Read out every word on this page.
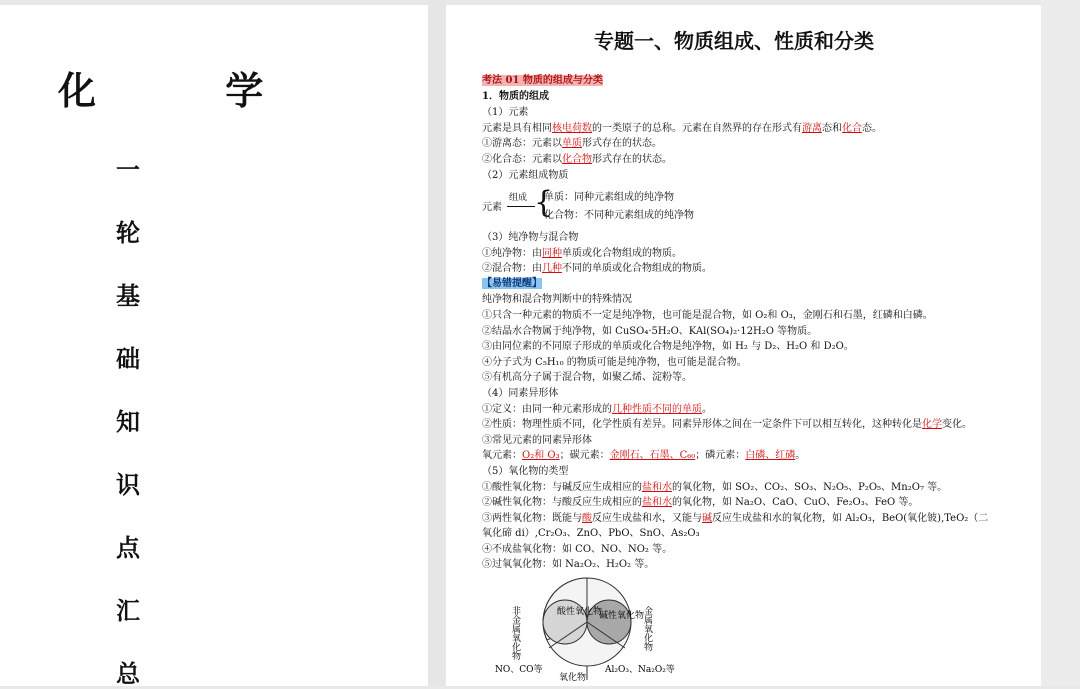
化 学
一
轮
基
础
知
识
点
汇
总
专题一、物质组成、性质和分类
考法 01 物质的组成与分类
1．物质的组成
（1）元素
元素是具有相同核电荷数的一类原子的总称。元素在自然界的存在形式有游离态和化合态。
①游离态：元素以单质形式存在的状态。
②化合态：元素以化合物形式存在的状态。
（2）元素组成物质
元素
组成 {
单质：同种元素组成的纯净物
化合物：不同种元素组成的纯净物
（3）纯净物与混合物
①纯净物：由同种单质或化合物组成的物质。
②混合物：由几种不同的单质或化合物组成的物质。
【易错提醒】
纯净物和混合物判断中的特殊情况
①只含一种元素的物质不一定是纯净物，也可能是混合物，如 O₂和 O₃，金刚石和石墨，红磷和白磷。
②结晶水合物属于纯净物，如 CuSO₄·5H₂O、KAl(SO₄)₂·12H₂O 等物质。
③由同位素的不同原子形成的单质或化合物是纯净物，如 H₂ 与 D₂、H₂O 和 D₂O。
④分子式为 C₅H₁₀ 的物质可能是纯净物，也可能是混合物。
⑤有机高分子属于混合物，如聚乙烯、淀粉等。
（4）同素异形体
①定义：由同一种元素形成的几种性质不同的单质。
②性质：物理性质不同，化学性质有差异。同素异形体之间在一定条件下可以相互转化，这种转化是化学变化。
③常见元素的同素异形体
氧元素：O₂和 O₃；碳元素：金刚石、石墨、C₆₀；磷元素：白磷、红磷。
（5）氧化物的类型
①酸性氧化物：与碱反应生成相应的盐和水的氧化物，如 SO₂、CO₂、SO₃、N₂O₅、P₂O₅、Mn₂O₇ 等。
②碱性氧化物：与酸反应生成相应的盐和水的氧化物，如 Na₂O、CaO、CuO、Fe₂O₃、FeO 等。
③两性氧化物：既能与酸反应生成盐和水，又能与碱反应生成盐和水的氧化物，如 Al₂O₃，BeO(氧化铍),TeO₂（二
氧化碲 di）,Cr₂O₃、ZnO、PbO、SnO、As₂O₃
④不成盐氧化物：如 CO、NO、NO₂ 等。
⑤过氧氧化物：如 Na₂O₂、H₂O₂ 等。
酸性氧化物
碱性氧化物
非金属氧化物	金属氧化物
NO、CO等
氧化物
Al₂O₃、Na₂O₂等
